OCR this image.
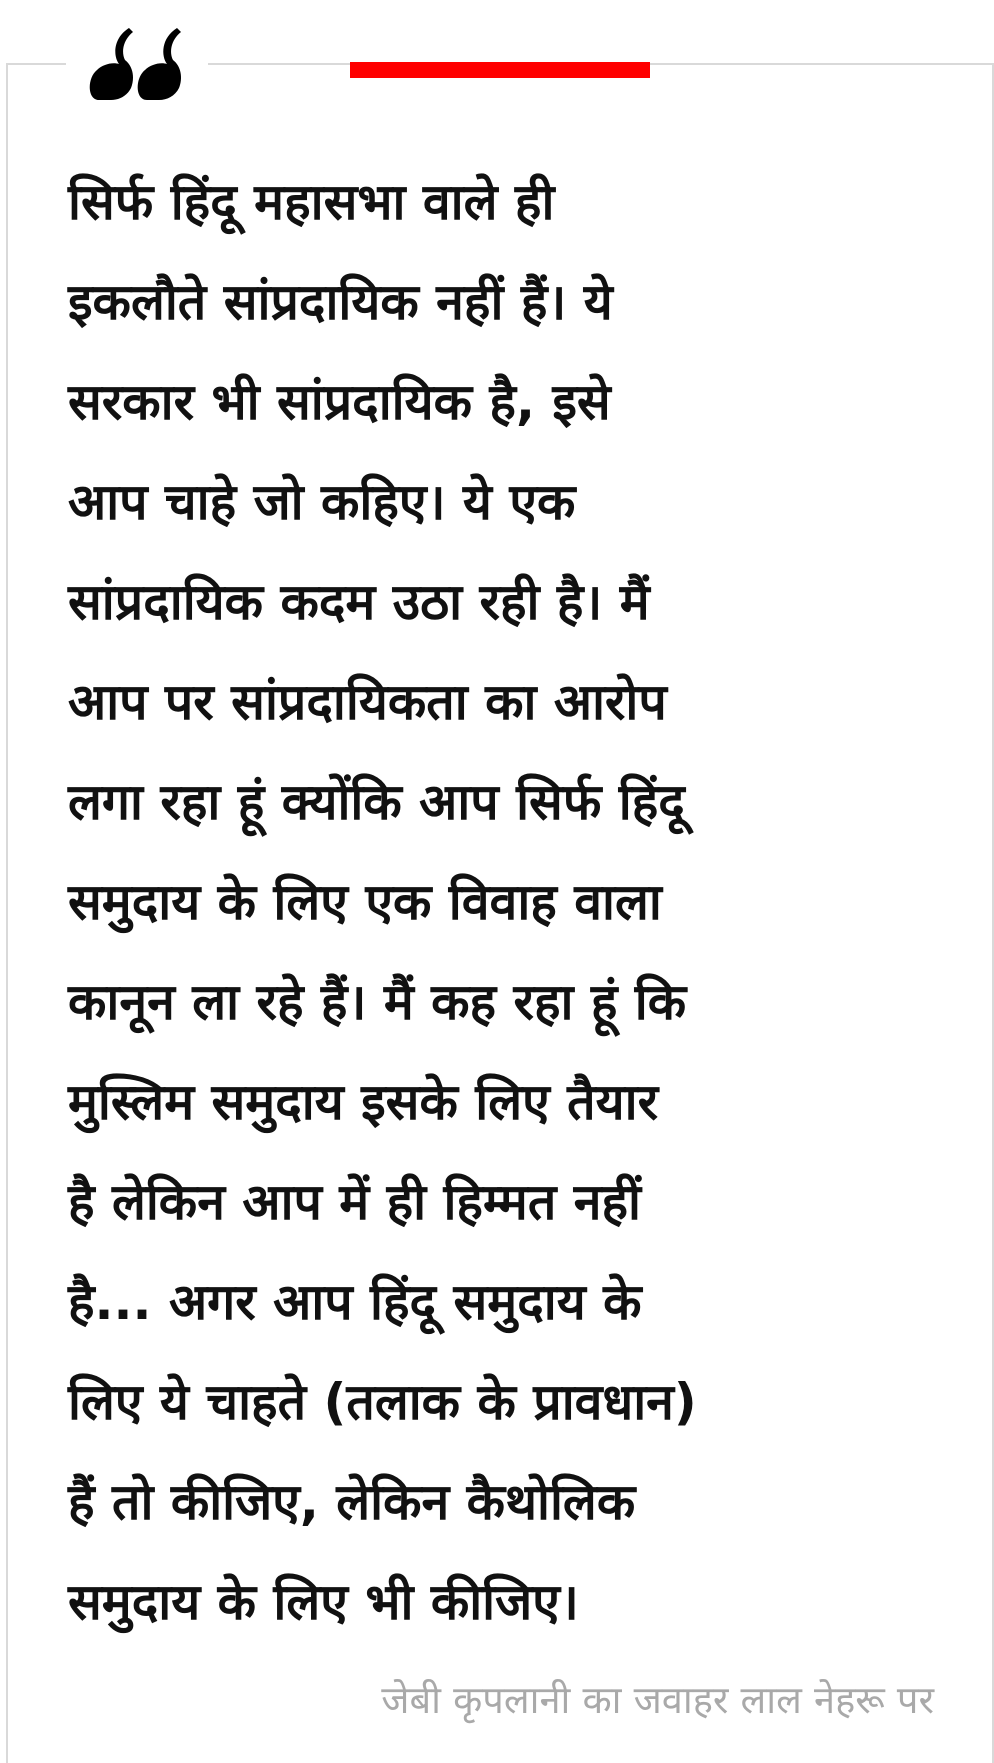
सिर्फ हिंदू महासभा वाले ही
इकलौते सांप्रदायिक नहीं हैं। ये
सरकार भी सांप्रदायिक है, इसे
आप चाहे जो कहिए। ये एक
सांप्रदायिक कदम उठा रही है। मैं
आप पर सांप्रदायिकता का आरोप
लगा रहा हूं क्योंकि आप सिर्फ हिंदू
समुदाय के लिए एक विवाह वाला
कानून ला रहे हैं। मैं कह रहा हूं कि
मुस्लिम समुदाय इसके लिए तैयार
है लेकिन आप में ही हिम्मत नहीं
है... अगर आप हिंदू समुदाय के
लिए ये चाहते (तलाक के प्रावधान)
हैं तो कीजिए, लेकिन कैथोलिक
समुदाय के लिए भी कीजिए।
जेबी कृपलानी का जवाहर लाल नेहरू पर
